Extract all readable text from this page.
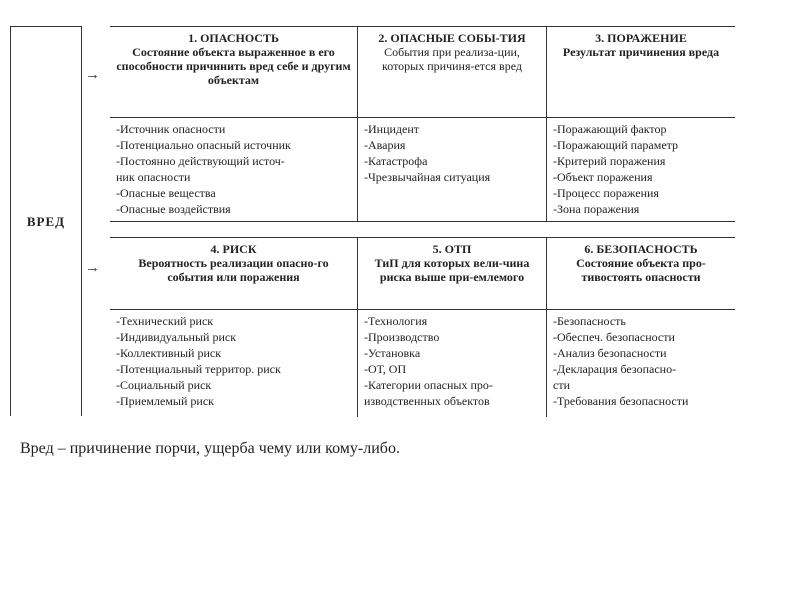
ВРЕД
→
→
1. ОПАСНОСТЬ
Состояние объекта выраженное в его способности причинить вред себе и другим объектам
-Источник опасности
-Потенциально опасный источник
-Постоянно действующий источ-
ник опасности
-Опасные вещества
-Опасные воздействия
2. ОПАСНЫЕ СОБЫ-ТИЯ
События при реализа-ции, которых причиня-ется вред
-Инцидент
-Авария
-Катастрофа
-Чрезвычайная ситуация
3. ПОРАЖЕНИЕ
Результат причинения вреда
-Поражающий фактор
-Поражающий параметр
-Критерий поражения
-Объект поражения
-Процесс поражения
-Зона поражения
4. РИСК
Вероятность реализации опасно-го события или поражения
-Технический риск
-Индивидуальный риск
-Коллективный риск
-Потенциальный территор. риск
-Социальный риск
-Приемлемый риск
5. ОТП
ТиП для которых вели-чина риска выше при-емлемого
-Технология
-Производство
-Установка
-ОТ, ОП
-Категории опасных про-
изводственных объектов
6. БЕЗОПАСНОСТЬ
Состояние объекта про-тивостоять опасности
-Безопасность
-Обеспеч. безопасности
-Анализ безопасности
-Декларация безопасно-
сти
-Требования безопасности
Вред – причинение порчи, ущерба чему или кому-либо.
